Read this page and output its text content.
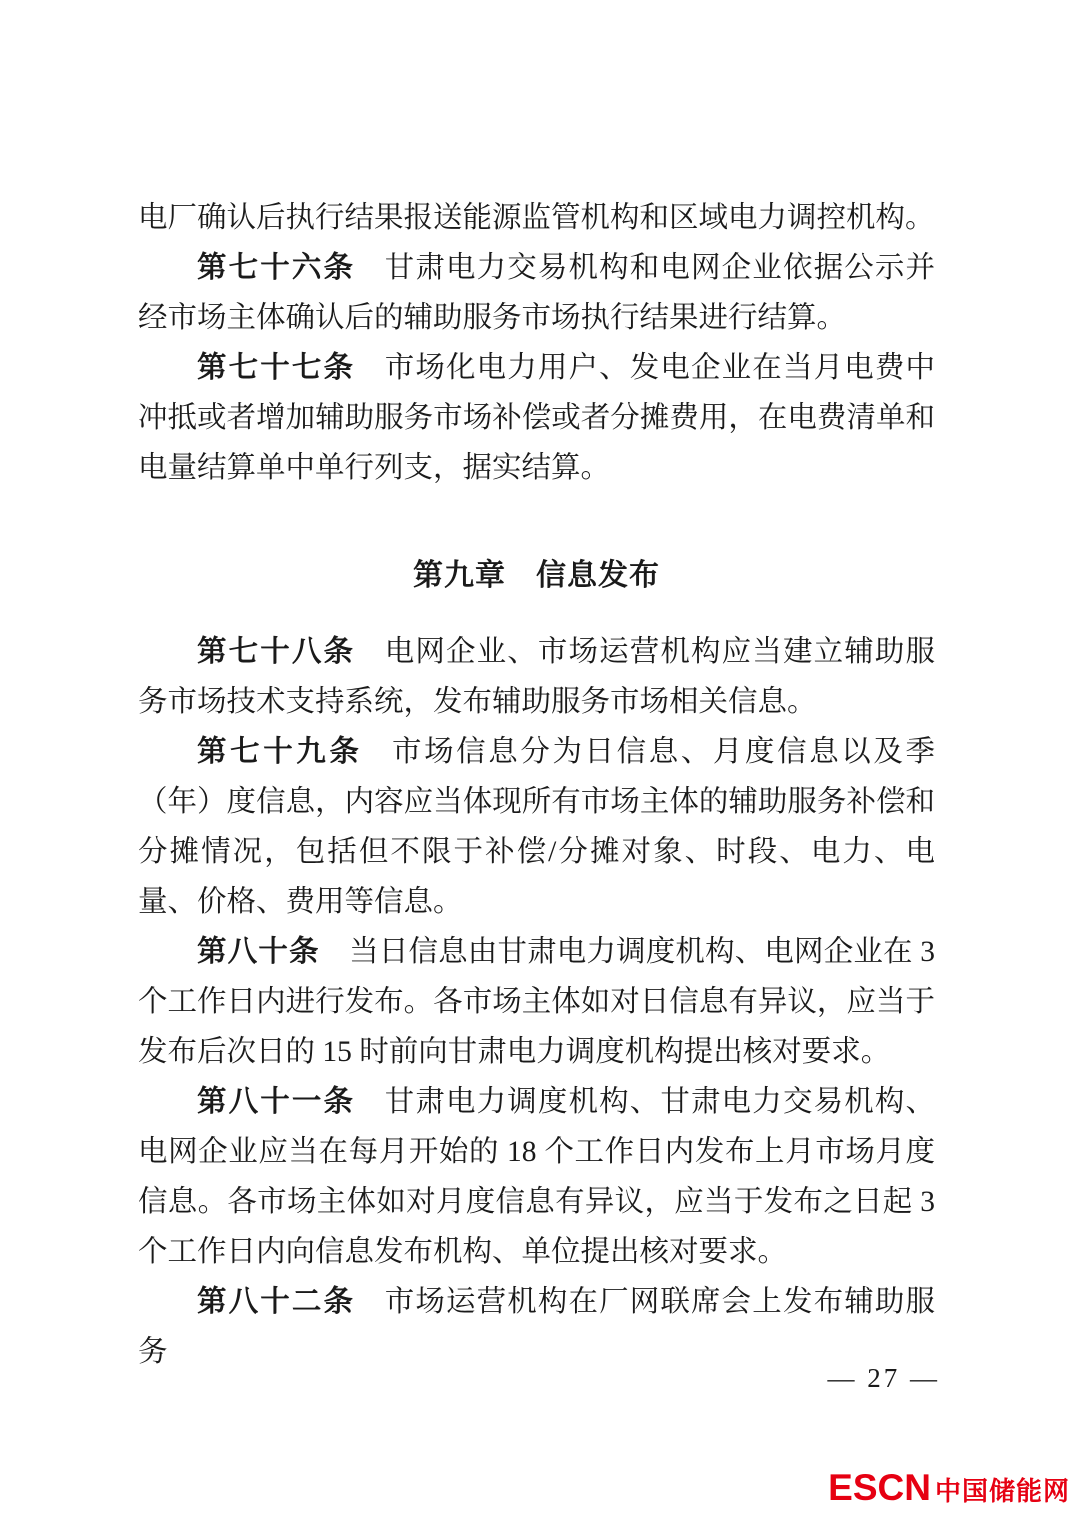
电厂确认后执行结果报送能源监管机构和区域电力调控机构。

第七十六条 甘肃电力交易机构和电网企业依据公示并经市场主体确认后的辅助服务市场执行结果进行结算。

第七十七条 市场化电力用户、发电企业在当月电费中冲抵或者增加辅助服务市场补偿或者分摊费用，在电费清单和电量结算单中单行列支，据实结算。

第九章 信息发布

第七十八条 电网企业、市场运营机构应当建立辅助服务市场技术支持系统，发布辅助服务市场相关信息。

第七十九条 市场信息分为日信息、月度信息以及季（年）度信息，内容应当体现所有市场主体的辅助服务补偿和分摊情况，包括但不限于补偿/分摊对象、时段、电力、电量、价格、费用等信息。

第八十条 当日信息由甘肃电力调度机构、电网企业在 3 个工作日内进行发布。各市场主体如对日信息有异议，应当于发布后次日的 15 时前向甘肃电力调度机构提出核对要求。

第八十一条 甘肃电力调度机构、甘肃电力交易机构、电网企业应当在每月开始的 18 个工作日内发布上月市场月度信息。各市场主体如对月度信息有异议，应当于发布之日起 3 个工作日内向信息发布机构、单位提出核对要求。

第八十二条 市场运营机构在厂网联席会上发布辅助服务

— 27 —
ESCN 中国储能网
